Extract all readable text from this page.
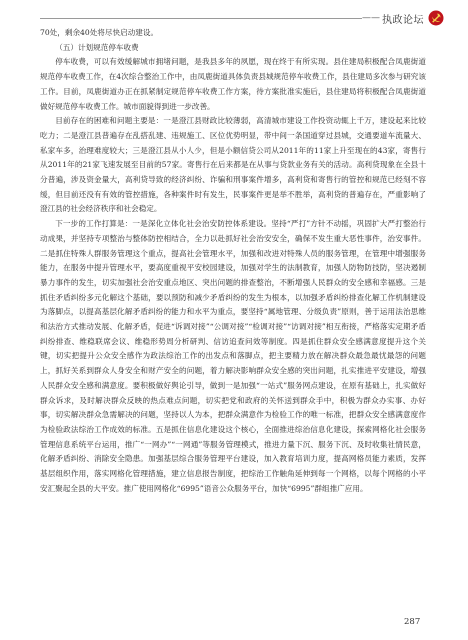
—— 执政论坛

70处，剩余40处将尽快启动建设。

（五）计划规范停车收费

停车收费，可以有效缓解城市拥堵问题，是我县多年的夙愿，现在终于有所实现。县住建局积极配合凤鹿街道规范停车收费工作，在4次综合整治工作中，由凤鹿街道具体负责县城规范停车收费工作，县住建局多次参与研究该工作。目前，凤鹿街道办正在抓紧制定规范停车收费工作方案，待方案批准实施后，县住建局将积极配合凤鹿街道做好规范停车收费工作。城市面貌得到进一步改善。

目前存在的困难和问题主要是：一是澄江县财政比较薄弱，高清城市建设工作投资动辄上千万，建设起来比较吃力；二是澄江县普遍存在乱搭乱建、违规施工、区位优势明显，带中间一条国道穿过县城，交通要道车流量大、私家车多，治理难度较大；三是澄江县从小人少，但是小额信贷公司从2011年的11家上升至现在的43家，寄售行从2011年的21家飞速发展至目前的57家。寄售行在后来都是在从事与贷款业务有关的活动。高利贷现象在全县十分普遍，涉及资金量大，高利贷导致的经济纠纷、诈骗和刑事案件增多，高利贷和寄售行的管控和规范已经刻不容缓，但目前还没有有效的管控措施，各种案件时有发生，民事案件更是举不胜举，高利贷的普遍存在，严重影响了澄江县的社会经济秩序和社会稳定。

下一步的工作打算是：一是深化立体化社会治安防控体系建设。坚持“严打”方针不动摇，巩固扩大严打整治行动成果，并坚持专项整治与整体防控相结合，全力以赴抓好社会治安安全，确保不发生重大恶性事件，治安事件。二是抓住特殊人群服务管理这个重点，提高社会管理水平，加强和改进对特殊人员的服务管理，在管理中增强服务能力，在服务中提升管理水平，要高度重视平安校园建设，加强对学生的法制教育，加强人防物防技防，坚决遏制暴力事件的发生，切实加强社会治安重点地区、突出问题的排查整治，不断增强人民群众的安全感和幸福感。三是抓住矛盾纠纷多元化解这个基础，要以预防和减少矛盾纠纷的发生为根本，以加强矛盾纠纷排查化解工作机制建设为落脚点，以提高基层化解矛盾纠纷的能力和水平为重点，要坚持“属地管理、分级负责”原则，善于运用法治思维和法治方式推动发展、化解矛盾，促进“诉调对接”“公调对接”“检调对接”“访调对接”相互衔接，严格落实定期矛盾纠纷排查、维稳联席会议、维稳形势周分析研判、信访追查问效等制度。四是抓住群众安全感满意度提升这个关键，切实把提升公众安全感作为政法综治工作的出发点和落脚点，把主要精力放在解决群众最急最忧最怨的问题上，抓好关系到群众人身安全和财产安全的问题，着力解决影响群众安全感的突出问题，扎实推进平安建设，增强人民群众安全感和满意度。要积极做好舆论引导，做到一是加强“一站式”服务网点建设，在原有基础上，扎实做好群众诉求，及时解决群众反映的热点难点问题，切实把党和政府的关怀送到群众手中，积极为群众办实事、办好事，切实解决群众急需解决的问题，坚持以人为本，把群众满意作为检验工作的唯一标准，把群众安全感满意度作为检验政法综治工作成效的标准。五是抓住信息化建设这个核心，全面推进综治信息化建设，探索网格化社会服务管理信息系统平台运用，推广“一网办”“一网通”等服务管理模式，推进力量下沉、服务下沉、及时收集社情民意，化解矛盾纠纷、消除安全隐患。加强基层综合服务管理平台建设，加入教育培训力度，提高网格员能力素质，发挥基层组织作用，落实网格化管理措施，建立信息报告制度，把综治工作触角延伸到每一个网格，以每个网格的小平安汇聚起全县的大平安。推广使用网格化“6995”语音公众服务平台，加快“6995”群组推广应用。

287
